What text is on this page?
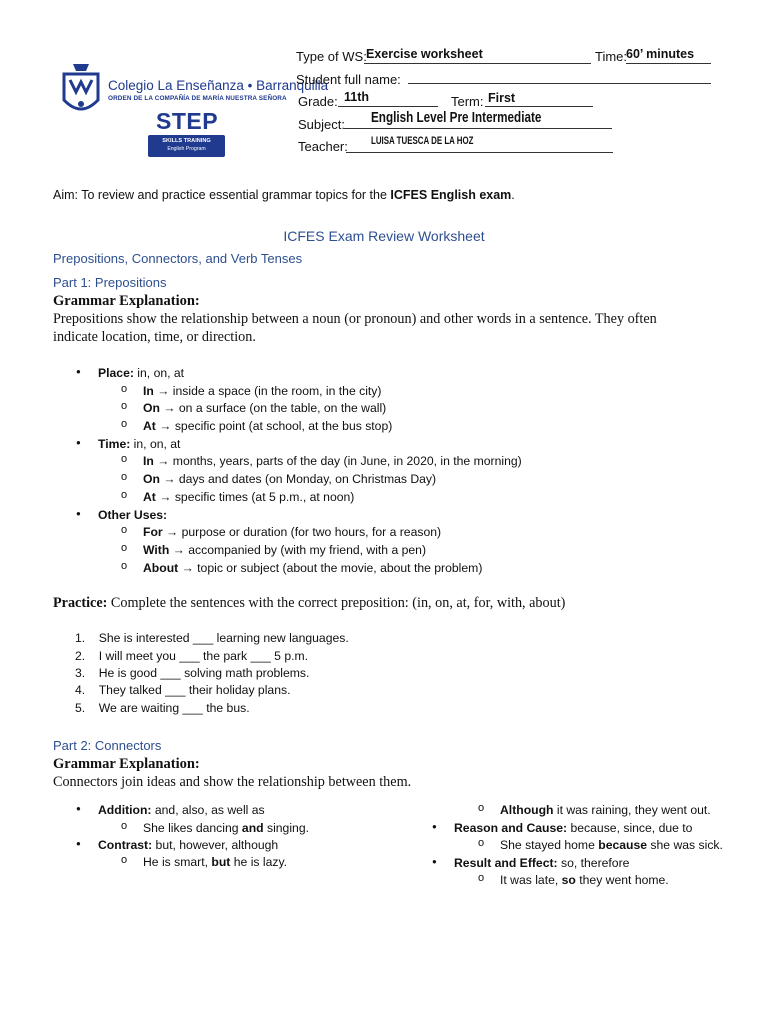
Colegio La Enseñanza • Barranquilla
ORDEN DE LA COMPAÑÍA DE MARÍA NUESTRA SEÑORA
STEP
SKILLS TRAINING
English Program
Type of WS: Exercise worksheet	Time:
60’ minutes
Student full name:
Grade: 11th	Term: First
Subject: English Level Pre Intermediate
Teacher: LUISA TUESCA DE LA HOZ
Aim: To review and practice essential grammar topics for the ICFES English exam.
ICFES Exam Review Worksheet
Prepositions, Connectors, and Verb Tenses
Part 1: Prepositions
Grammar Explanation:
Prepositions show the relationship between a noun (or pronoun) and other words in a sentence. They often
indicate location, time, or direction.
● Place: in, on, at
o In → inside a space (in the room, in the city)
o On → on a surface (on the table, on the wall)
o At → specific point (at school, at the bus stop)
● Time: in, on, at
o In → months, years, parts of the day (in June, in 2020, in the morning)
o On → days and dates (on Monday, on Christmas Day)
o At → specific times (at 5 p.m., at noon)
● Other Uses:
o For → purpose or duration (for two hours, for a reason)
o With → accompanied by (with my friend, with a pen)
o About → topic or subject (about the movie, about the problem)
Practice: Complete the sentences with the correct preposition: (in, on, at, for, with, about)
1.    She is interested ___ learning new languages.
2.    I will meet you ___ the park ___ 5 p.m.
3.    He is good ___ solving math problems.
4.    They talked ___ their holiday plans.
5.    We are waiting ___ the bus.
Part 2: Connectors
Grammar Explanation:
Connectors join ideas and show the relationship between them.
● Addition: and, also, as well as
o She likes dancing and singing.
● Contrast: but, however, although
o He is smart, but he is lazy.
o Although it was raining, they went out.
● Reason and Cause: because, since, due to
o She stayed home because she was sick.
● Result and Effect: so, therefore
o It was late, so they went home.
